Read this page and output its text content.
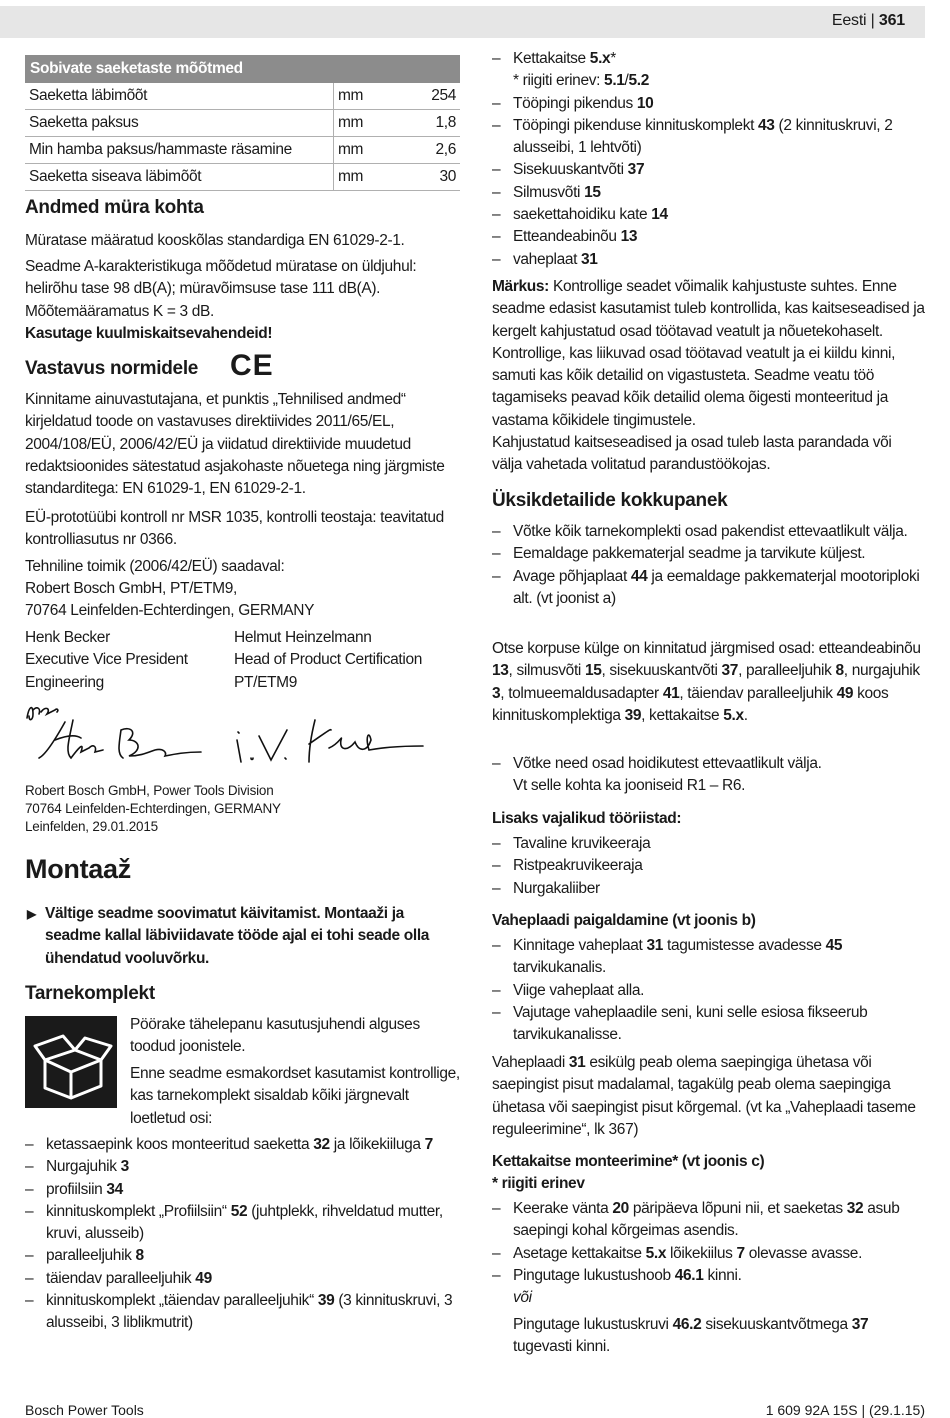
Eesti | 361
Sobivate saeketaste mõõtmed		
Saeketta läbimõõt	mm	254
Saeketta paksus	mm	1,8
Min hamba paksus/hammaste räsamine	mm	2,6
Saeketta siseava läbimõõt	mm	30
Andmed müra kohta

Müratase määratud kooskõlas standardiga EN 61029-2-1.

Seadme A-karakteristikuga mõõdetud müratase on üldjuhul: helirõhu tase 98 dB(A); müravõimsuse tase 111 dB(A). Mõõtemääramatus K = 3 dB.

Kasutage kuulmiskaitsevahendeid!

Vastavus normidele CE

Kinnitame ainuvastutajana, et punktis „Tehnilised andmed“ kirjeldatud toode on vastavuses direktiivides 2011/65/EL, 2004/108/EÜ, 2006/42/EÜ ja viidatud direktiivide muudetud redaktsioonides sätestatud asjakohaste nõuetega ning järgmiste standarditega: EN 61029-1, EN 61029-2-1.

EÜ-prototüübi kontroll nr MSR 1035, kontrolli teostaja: teavitatud kontrolliasutus nr 0366.

Tehniline toimik (2006/42/EÜ) saadaval:

Robert Bosch GmbH, PT/ETM9,

70764 Leinfelden-Echterdingen, GERMANY

Henk Becker

Executive Vice President

Engineering

Helmut Heinzelmann

Head of Product Certification

PT/ETM9

Robert Bosch GmbH, Power Tools Division

70764 Leinfelden-Echterdingen, GERMANY

Leinfelden, 29.01.2015

Montaaž
▶ Vältige seadme soovimatut käivitamist. Montaaži ja seadme kallal läbiviidavate tööde ajal ei tohi seade olla ühendatud vooluvõrku.

Tarnekomplekt

Pöörake tähelepanu kasutusjuhendi alguses toodud joonistele.

Enne seadme esmakordset kasutamist kontrollige, kas tarnekomplekt sisaldab kõiki järgnevalt loetletud osi:

– ketassaepink koos monteeritud saeketta 32 ja lõikekiiluga 7
– Nurgajuhik 3
– profiilsiin 34
– kinnituskomplekt „Profiilsiin“ 52 (juhtplekk, rihveldatud mutter, kruvi, alusseib)
– paralleeljuhik 8
– täiendav paralleeljuhik 49
– kinnituskomplekt „täiendav paralleeljuhik“ 39 (3 kinnituskruvi, 3 alusseibi, 3 liblikmutrit)
– Kettakaitse 5.x*
* riigiti erinev: 5.1/5.2
– Tööpingi pikendus 10
– Tööpingi pikenduse kinnituskomplekt 43 (2 kinnituskruvi, 2 alusseibi, 1 lehtvõti)
– Sisekuuskantvõti 37
– Silmusvõti 15
– saekettahoidiku kate 14
– Etteandeabinõu 13
– vaheplaat 31

Märkus: Kontrollige seadet võimalik kahjustuste suhtes. Enne seadme edasist kasutamist tuleb kontrollida, kas kaitseseadised ja kergelt kahjustatud osad töötavad veatult ja nõuetekohaselt. Kontrollige, kas liikuvad osad töötavad veatult ja ei kiildu kinni, samuti kas kõik detailid on vigastusteta. Seadme veatu töö tagamiseks peavad kõik detailid olema õigesti monteeritud ja vastama kõikidele tingimustele.

Kahjustatud kaitseseadised ja osad tuleb lasta parandada või välja vahetada volitatud parandustöökojas.

Üksikdetailide kokkupanek
– Võtke kõik tarnekomplekti osad pakendist ettevaatlikult välja.
– Eemaldage pakkematerjal seadme ja tarvikute küljest.
– Avage põhjaplaat 44 ja eemaldage pakkematerjal mootoriploki alt. (vt joonist a)

Otse korpuse külge on kinnitatud järgmised osad: etteandeabinõu 13, silmusvõti 15, sisekuuskantvõti 37, paralleeljuhik 8, nurgajuhik 3, tolmueemaldusadapter 41, täiendav paralleeljuhik 49 koos kinnituskomplektiga 39, kettakaitse 5.x.

– Võtke need osad hoidikutest ettevaatlikult välja.
Vt selle kohta ka jooniseid R1 – R6.
Lisaks vajalikud tööriistad:
– Tavaline kruvikeeraja
– Ristpeakruvikeeraja
– Nurgakaliiber
Vaheplaadi paigaldamine (vt joonis b)
– Kinnitage vaheplaat 31 tagumistesse avadesse 45 tarvikukanalis.
– Viige vaheplaat alla.
– Vajutage vaheplaadile seni, kuni selle esiosa fikseerub tarvikukanalisse.

Vaheplaadi 31 esikülg peab olema saepingiga ühetasa või saepingist pisut madalamal, tagakülg peab olema saepingiga ühetasa või saepingist pisut kõrgemal. (vt ka „Vaheplaadi taseme reguleerimine“, lk 367)

Kettakaitse monteerimine* (vt joonis c)
* riigiti erinev
– Keerake vänta 20 päripäeva lõpuni nii, et saeketas 32 asub saepingi kohal kõrgeimas asendis.
– Asetage kettakaitse 5.x lõikekiilus 7 olevasse avasse.
– Pingutage lukustushoob 46.1 kinni.
või

Pingutage lukustuskruvi 46.2 sisekuuskantvõtmega 37 tugevasti kinni.

Bosch Power Tools	1 609 92A 15S | (29.1.15)
